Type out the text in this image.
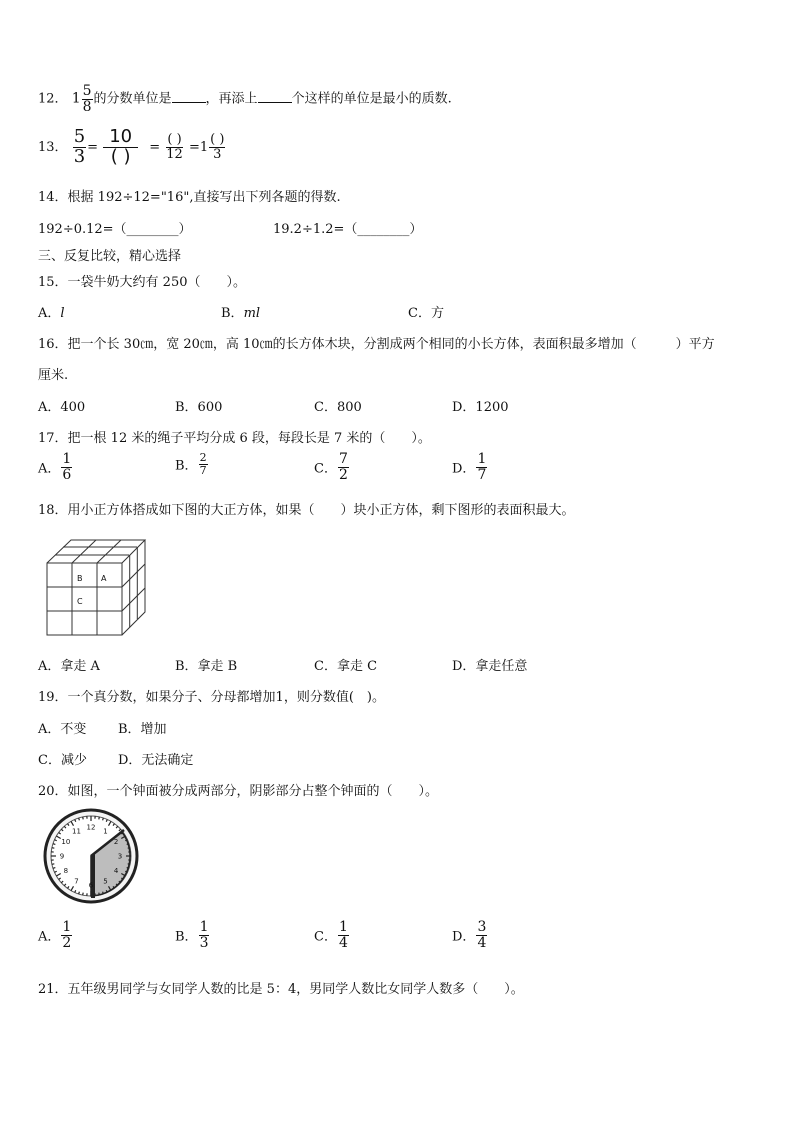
12． $1 \frac{5}{8}$ 的分数单位是	，再添上	个这样的单位是最小的质数.
13． $\frac{5}{3} = \frac{10}{( )} = \frac{( )}{12} =1 \frac{( )}{3}$
14．根据 192÷12="16",直接写出下列各题的得数.
192÷0.12=（________）	19.2÷1.2=（________）
三、反复比较，精心选择
15．一袋牛奶大约有 250（　　）。
A．l	B．ml	C．方
16．把一个长 30㎝，宽 20㎝，高 10㎝的长方体木块，分割成两个相同的小长方体，表面积最多增加（　　　）平方
厘米.
A．400	B．600	C．800	D．1200
17．把一根 12 米的绳子平均分成 6 段，每段长是 7 米的（　　）。
A． $\frac{1}{6}$	B． $\frac{2}{7}$	C． $\frac{7}{2}$	D． $\frac{1}{7}$
18．用小正方体搭成如下图的大正方体，如果（　　）块小正方体，剩下图形的表面积最大。
B A
C
A．拿走 A	B．拿走 B	C．拿走 C	D．拿走任意
19．一个真分数，如果分子、分母都增加1，则分数值(　)。
A．不变 B．增加
C．减少 D．无法确定
20．如图，一个钟面被分成两部分，阴影部分占整个钟面的（　　）。
12 1
2
3
4
5
6
7
8
9
10
11
A． $\frac{1}{2}$	B． $\frac{1}{3}$	C． $\frac{1}{4}$	D． $\frac{3}{4}$
21．五年级男同学与女同学人数的比是 5：4，男同学人数比女同学人数多（　　）。
